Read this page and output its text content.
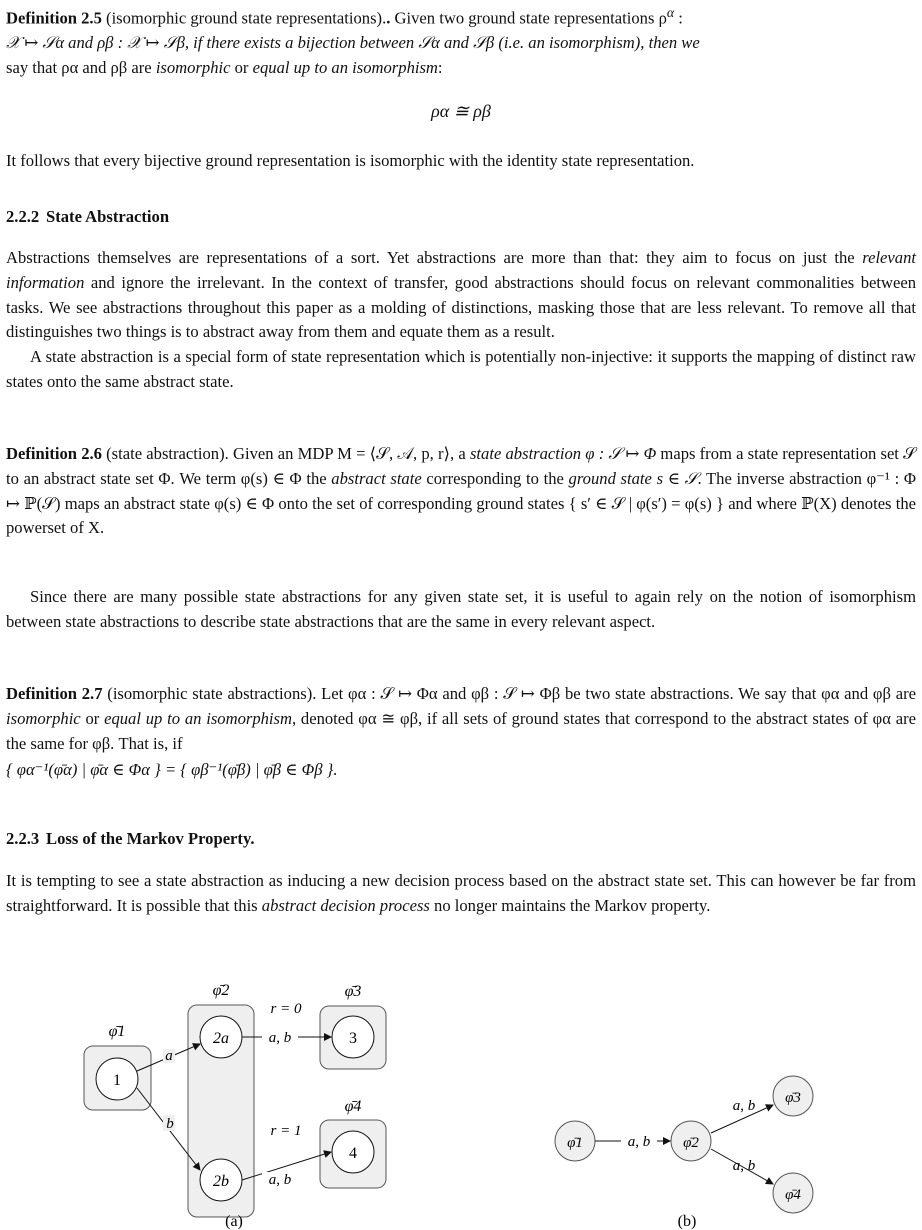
Definition 2.5 (isomorphic ground state representations).. Given two ground state representations $\rho^\alpha$ :
𝒳 ↦ 𝒮α and ρβ : 𝒳 ↦ 𝒮β, if there exists a bijection between 𝒮α and 𝒮β (i.e. an isomorphism), then we
say that ρα and ρβ are isomorphic or equal up to an isomorphism:

ρα ≅ ρβ

It follows that every bijective ground representation is isomorphic with the identity state representation.

2.2.2 State Abstraction

Abstractions themselves are representations of a sort. Yet abstractions are more than that: they aim to focus on just the relevant information and ignore the irrelevant. In the context of transfer, good abstractions should focus on relevant commonalities between tasks. We see abstractions throughout this paper as a molding of distinctions, masking those that are less relevant. To remove all that distinguishes two things is to abstract away from them and equate them as a result.

A state abstraction is a special form of state representation which is potentially non-injective: it supports the mapping of distinct raw states onto the same abstract state.

Definition 2.6 (state abstraction). Given an MDP M = ⟨𝒮, 𝒜, p, r⟩, a state abstraction φ : 𝒮 ↦ Φ maps from a state representation set 𝒮 to an abstract state set Φ. We term φ(s) ∈ Φ the abstract state corresponding to the ground state s ∈ 𝒮. The inverse abstraction φ⁻¹ : Φ ↦ ℙ(𝒮) maps an abstract state φ(s) ∈ Φ onto the set of corresponding ground states { s′ ∈ 𝒮 | φ(s′) = φ(s) } and where ℙ(X) denotes the powerset of X.

Since there are many possible state abstractions for any given state set, it is useful to again rely on the notion of isomorphism between state abstractions to describe state abstractions that are the same in every relevant aspect.

Definition 2.7 (isomorphic state abstractions). Let φα : 𝒮 ↦ Φα and φβ : 𝒮 ↦ Φβ be two state abstractions. We say that φα and φβ are isomorphic or equal up to an isomorphism, denoted φα ≅ φβ, if all sets of ground states that correspond to the abstract states of φα are the same for φβ. That is, if

{ φα⁻¹(φ̄α) | φ̄α ∈ Φα } = { φβ⁻¹(φ̄β) | φ̄β ∈ Φβ }.

2.2.3 Loss of the Markov Property.

It is tempting to see a state abstraction as inducing a new decision process based on the abstract state set. This can however be far from straightforward. It is possible that this abstract decision process no longer maintains the Markov property.

φ̄1
φ̄2	φ̄3
φ̄4
1
2a
2b
3
4
a
b
a, b
a, b
r = 0
r = 1
(a)
φ̄1	φ̄2
φ̄3
φ̄4
a, b
a, b
a, b
(b)
